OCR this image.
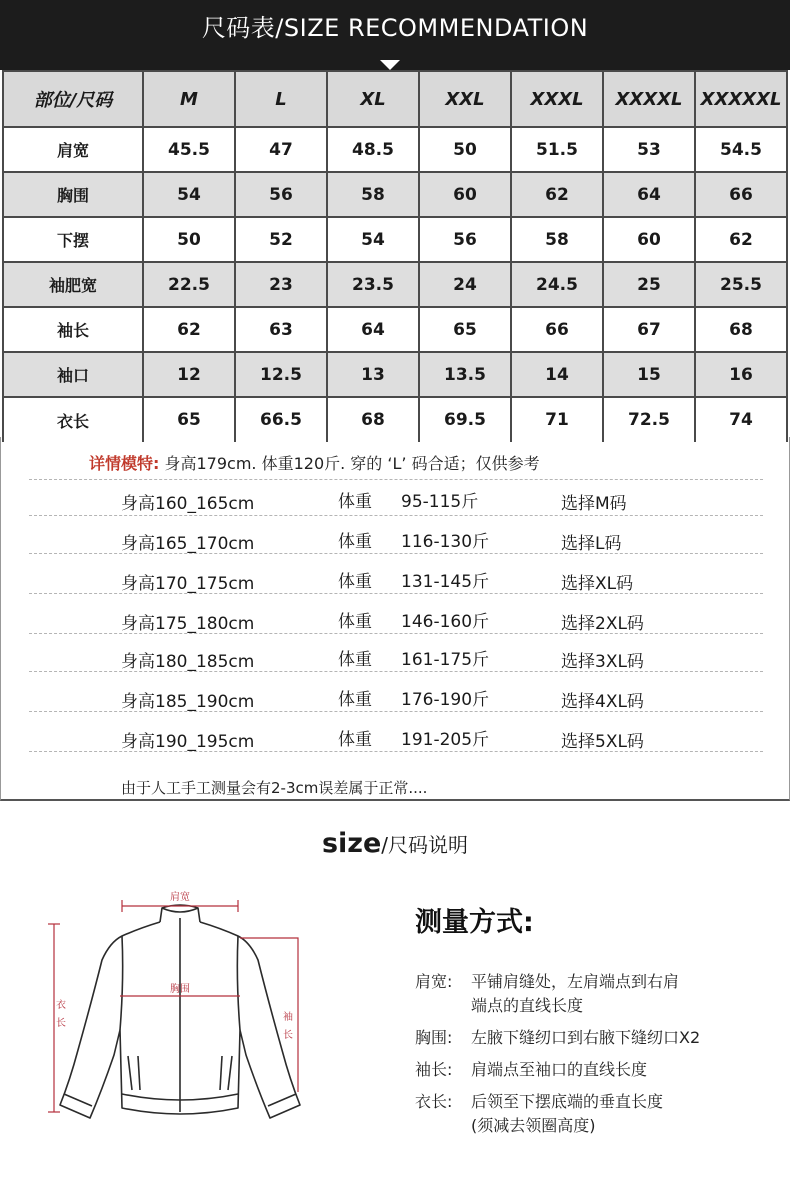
尺码表/SIZE RECOMMENDATION
部位/尺码	M	L	XL	XXL	XXXL	XXXXL	XXXXXL
肩宽	45.5	47	48.5	50	51.5	53	54.5
胸围	54	56	58	60	62	64	66
下摆	50	52	54	56	58	60	62
袖肥宽	22.5	23	23.5	24	24.5	25	25.5
袖长	62	63	64	65	66	67	68
袖口	12	12.5	13	13.5	14	15	16
衣长	65	66.5	68	69.5	71	72.5	74
详情模特: 身高179cm. 体重120斤. 穿的 ‘L’ 码合适；仅供参考
身高160_165cm	体重 95-115斤	选择M码
身高165_170cm	体重 116-130斤	选择L码
身高170_175cm	体重 131-145斤	选择XL码
身高175_180cm	体重 146-160斤	选择2XL码
身高180_185cm	体重 161-175斤	选择3XL码
身高185_190cm	体重 176-190斤	选择4XL码
身高190_195cm	体重 191-205斤	选择5XL码
由于人工手工测量会有2-3cm误差属于正常....
size/尺码说明
肩宽
胸围
衣
长
袖
长
测量方式:
肩宽: 平铺肩缝处，左肩端点到右肩
端点的直线长度
胸围: 左腋下缝纫口到右腋下缝纫口X2
袖长: 肩端点至袖口的直线长度
衣长: 后领至下摆底端的垂直长度
(须减去领圈高度)
